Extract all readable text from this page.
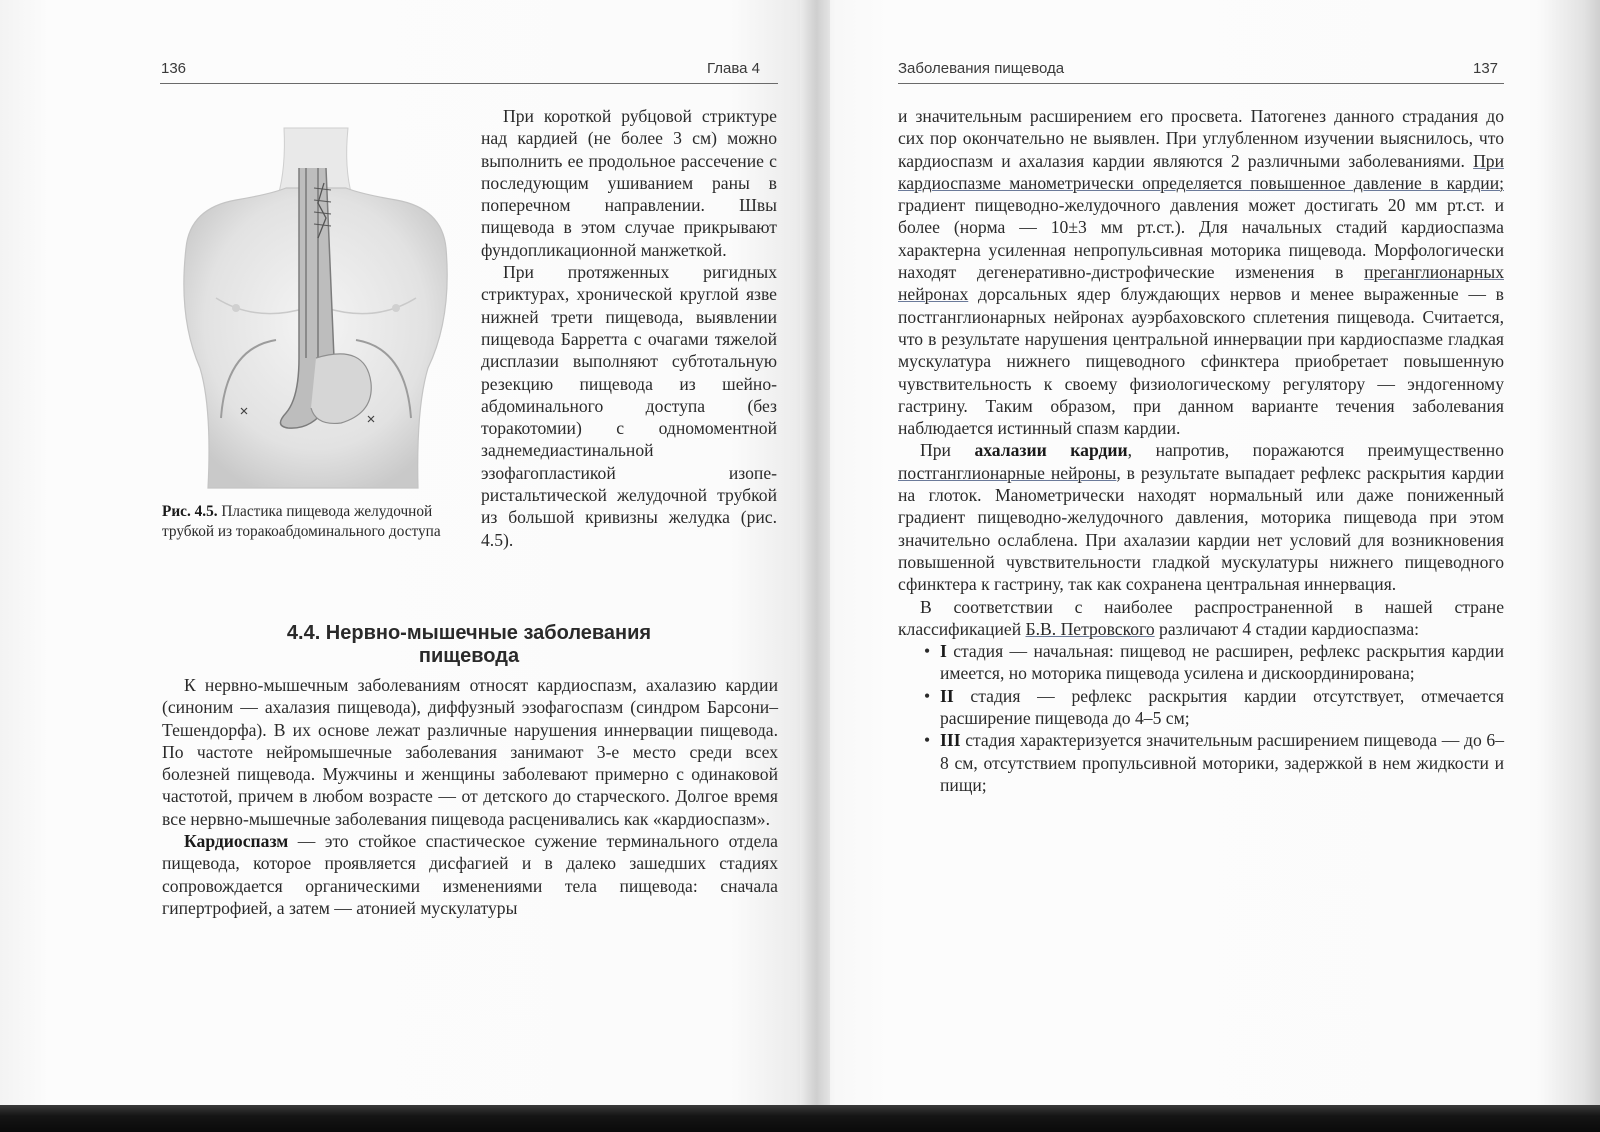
136	Глава 4
Рис. 4.5. Пластика пищевода желудочной трубкой из торакоабдоминального доступа

При короткой рубцовой стриктуре над кардией (не более 3 см) можно выполнить ее продольное рассечение с последующим ушиванием раны в поперечном направлении. Швы пищевода в этом случае прикрывают фундопликационной манжеткой.

При протяженных ригидных стриктурах, хронической круглой язве нижней трети пищевода, выявлении пищевода Барретта с очагами тяжелой дисплазии выполняют субтотальную резекцию пищевода из шейно-абдоминального доступа (без торакотомии) с одномоментной заднемедиастинальной эзофагопластикой изоперистальтической желудочной трубкой из большой кривизны желудка (рис. 4.5).

4.4. Нервно-мышечные заболевания
пищевода

К нервно-мышечным заболеваниям относят кардиоспазм, ахалазию кардии (синоним — ахалазия пищевода), диффузный эзофагоспазм (синдром Барсони–Тешендорфа). В их основе лежат различные нарушения иннервации пищевода. По частоте нейромышечные заболевания занимают 3-е место среди всех болезней пищевода. Мужчины и женщины заболевают примерно с одинаковой частотой, причем в любом возрасте — от детского до старческого. Долгое время все нервно-мышечные заболевания пищевода расценивались как «кардиоспазм».

Кардиоспазм — это стойкое спастическое сужение терминального отдела пищевода, которое проявляется дисфагией и в далеко зашедших стадиях сопровождается органическими изменениями тела пищевода: сначала гипертрофией, а затем — атонией мускулатуры

Заболевания пищевода	137

и значительным расширением его просвета. Патогенез данного страдания до сих пор окончательно не выявлен. При углубленном изучении выяснилось, что кардиоспазм и ахалазия кардии являются 2 различными заболеваниями. При кардиоспазме манометрически определяется повышенное давление в кардии; градиент пищеводно-желудочного давления может достигать 20 мм рт.ст. и более (норма — 10±3 мм рт.ст.). Для начальных стадий кардиоспазма характерна усиленная непропульсивная моторика пищевода. Морфологически находят дегенеративно-дистрофические изменения в преганглионарных нейронах дорсальных ядер блуждающих нервов и менее выраженные — в постганглионарных нейронах ауэрбаховского сплетения пищевода. Считается, что в результате нарушения центральной иннервации при кардиоспазме гладкая мускулатура нижнего пищеводного сфинктера приобретает повышенную чувствительность к своему физиологическому регулятору — эндогенному гастрину. Таким образом, при данном варианте течения заболевания наблюдается истинный спазм кардии.

При ахалазии кардии, напротив, поражаются преимущественно постганглионарные нейроны, в результате выпадает рефлекс раскрытия кардии на глоток. Манометрически находят нормальный или даже пониженный градиент пищеводно-желудочного давления, моторика пищевода при этом значительно ослаблена. При ахалазии кардии нет условий для возникновения повышенной чувствительности гладкой мускулатуры нижнего пищеводного сфинктера к гастрину, так как сохранена центральная иннервация.

В соответствии с наиболее распространенной в нашей стране классификацией Б.В. Петровского различают 4 стадии кардиоспазма:

• I стадия — начальная: пищевод не расширен, рефлекс раскрытия кардии имеется, но моторика пищевода усилена и дискоординирована;
• II стадия — рефлекс раскрытия кардии отсутствует, отмечается расширение пищевода до 4–5 см;
• III стадия характеризуется значительным расширением пищевода — до 6–8 см, отсутствием пропульсивной моторики, задержкой в нем жидкости и пищи;
